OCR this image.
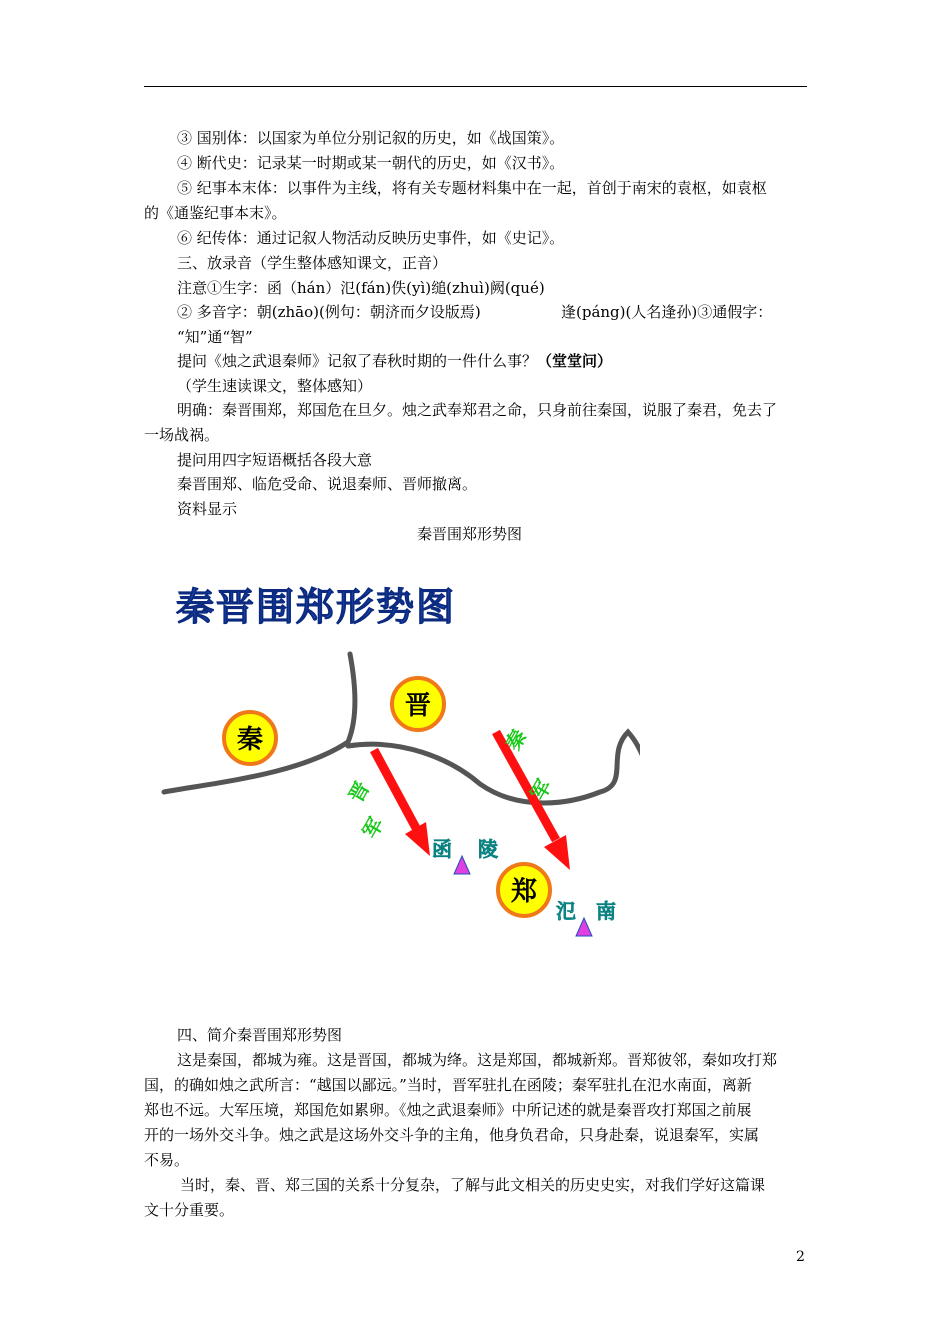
③ 国别体：以国家为单位分别记叙的历史，如《战国策》。
④ 断代史：记录某一时期或某一朝代的历史，如《汉书》。
⑤ 纪事本末体：以事件为主线，将有关专题材料集中在一起，首创于南宋的袁枢，如袁枢
的《通鉴纪事本末》。
⑥ 纪传体：通过记叙人物活动反映历史事件，如《史记》。
三、放录音（学生整体感知课文，正音）
注意①生字：函（hán）氾(fán)佚(yì)缒(zhuì)阙(qué)
② 多音字：朝(zhāo)(例句：朝济而夕设版焉)	逢(páng)(人名逢孙)③通假字：
“知”通“智”
提问《烛之武退秦师》记叙了春秋时期的一件什么事？（堂堂问）
（学生速读课文，整体感知）
明确：秦晋围郑，郑国危在旦夕。烛之武奉郑君之命，只身前往秦国，说服了秦君，免去了
一场战祸。
提问用四字短语概括各段大意
秦晋围郑、临危受命、说退秦师、晋师撤离。
资料显示
秦晋围郑形势图
秦晋围郑形势图
秦
晋
郑
晋
军
秦
军
函 陵
氾 南
四、简介秦晋围郑形势图
这是秦国，都城为雍。这是晋国，都城为绛。这是郑国，都城新郑。晋郑彼邻，秦如攻打郑
国，的确如烛之武所言：“越国以鄙远。”当时，晋军驻扎在函陵；秦军驻扎在氾水南面，离新
郑也不远。大军压境，郑国危如累卵。《烛之武退秦师》中所记述的就是秦晋攻打郑国之前展
开的一场外交斗争。烛之武是这场外交斗争的主角，他身负君命，只身赴秦，说退秦军，实属
不易。
当时，秦、晋、郑三国的关系十分复杂，了解与此文相关的历史史实，对我们学好这篇课
文十分重要。
2
